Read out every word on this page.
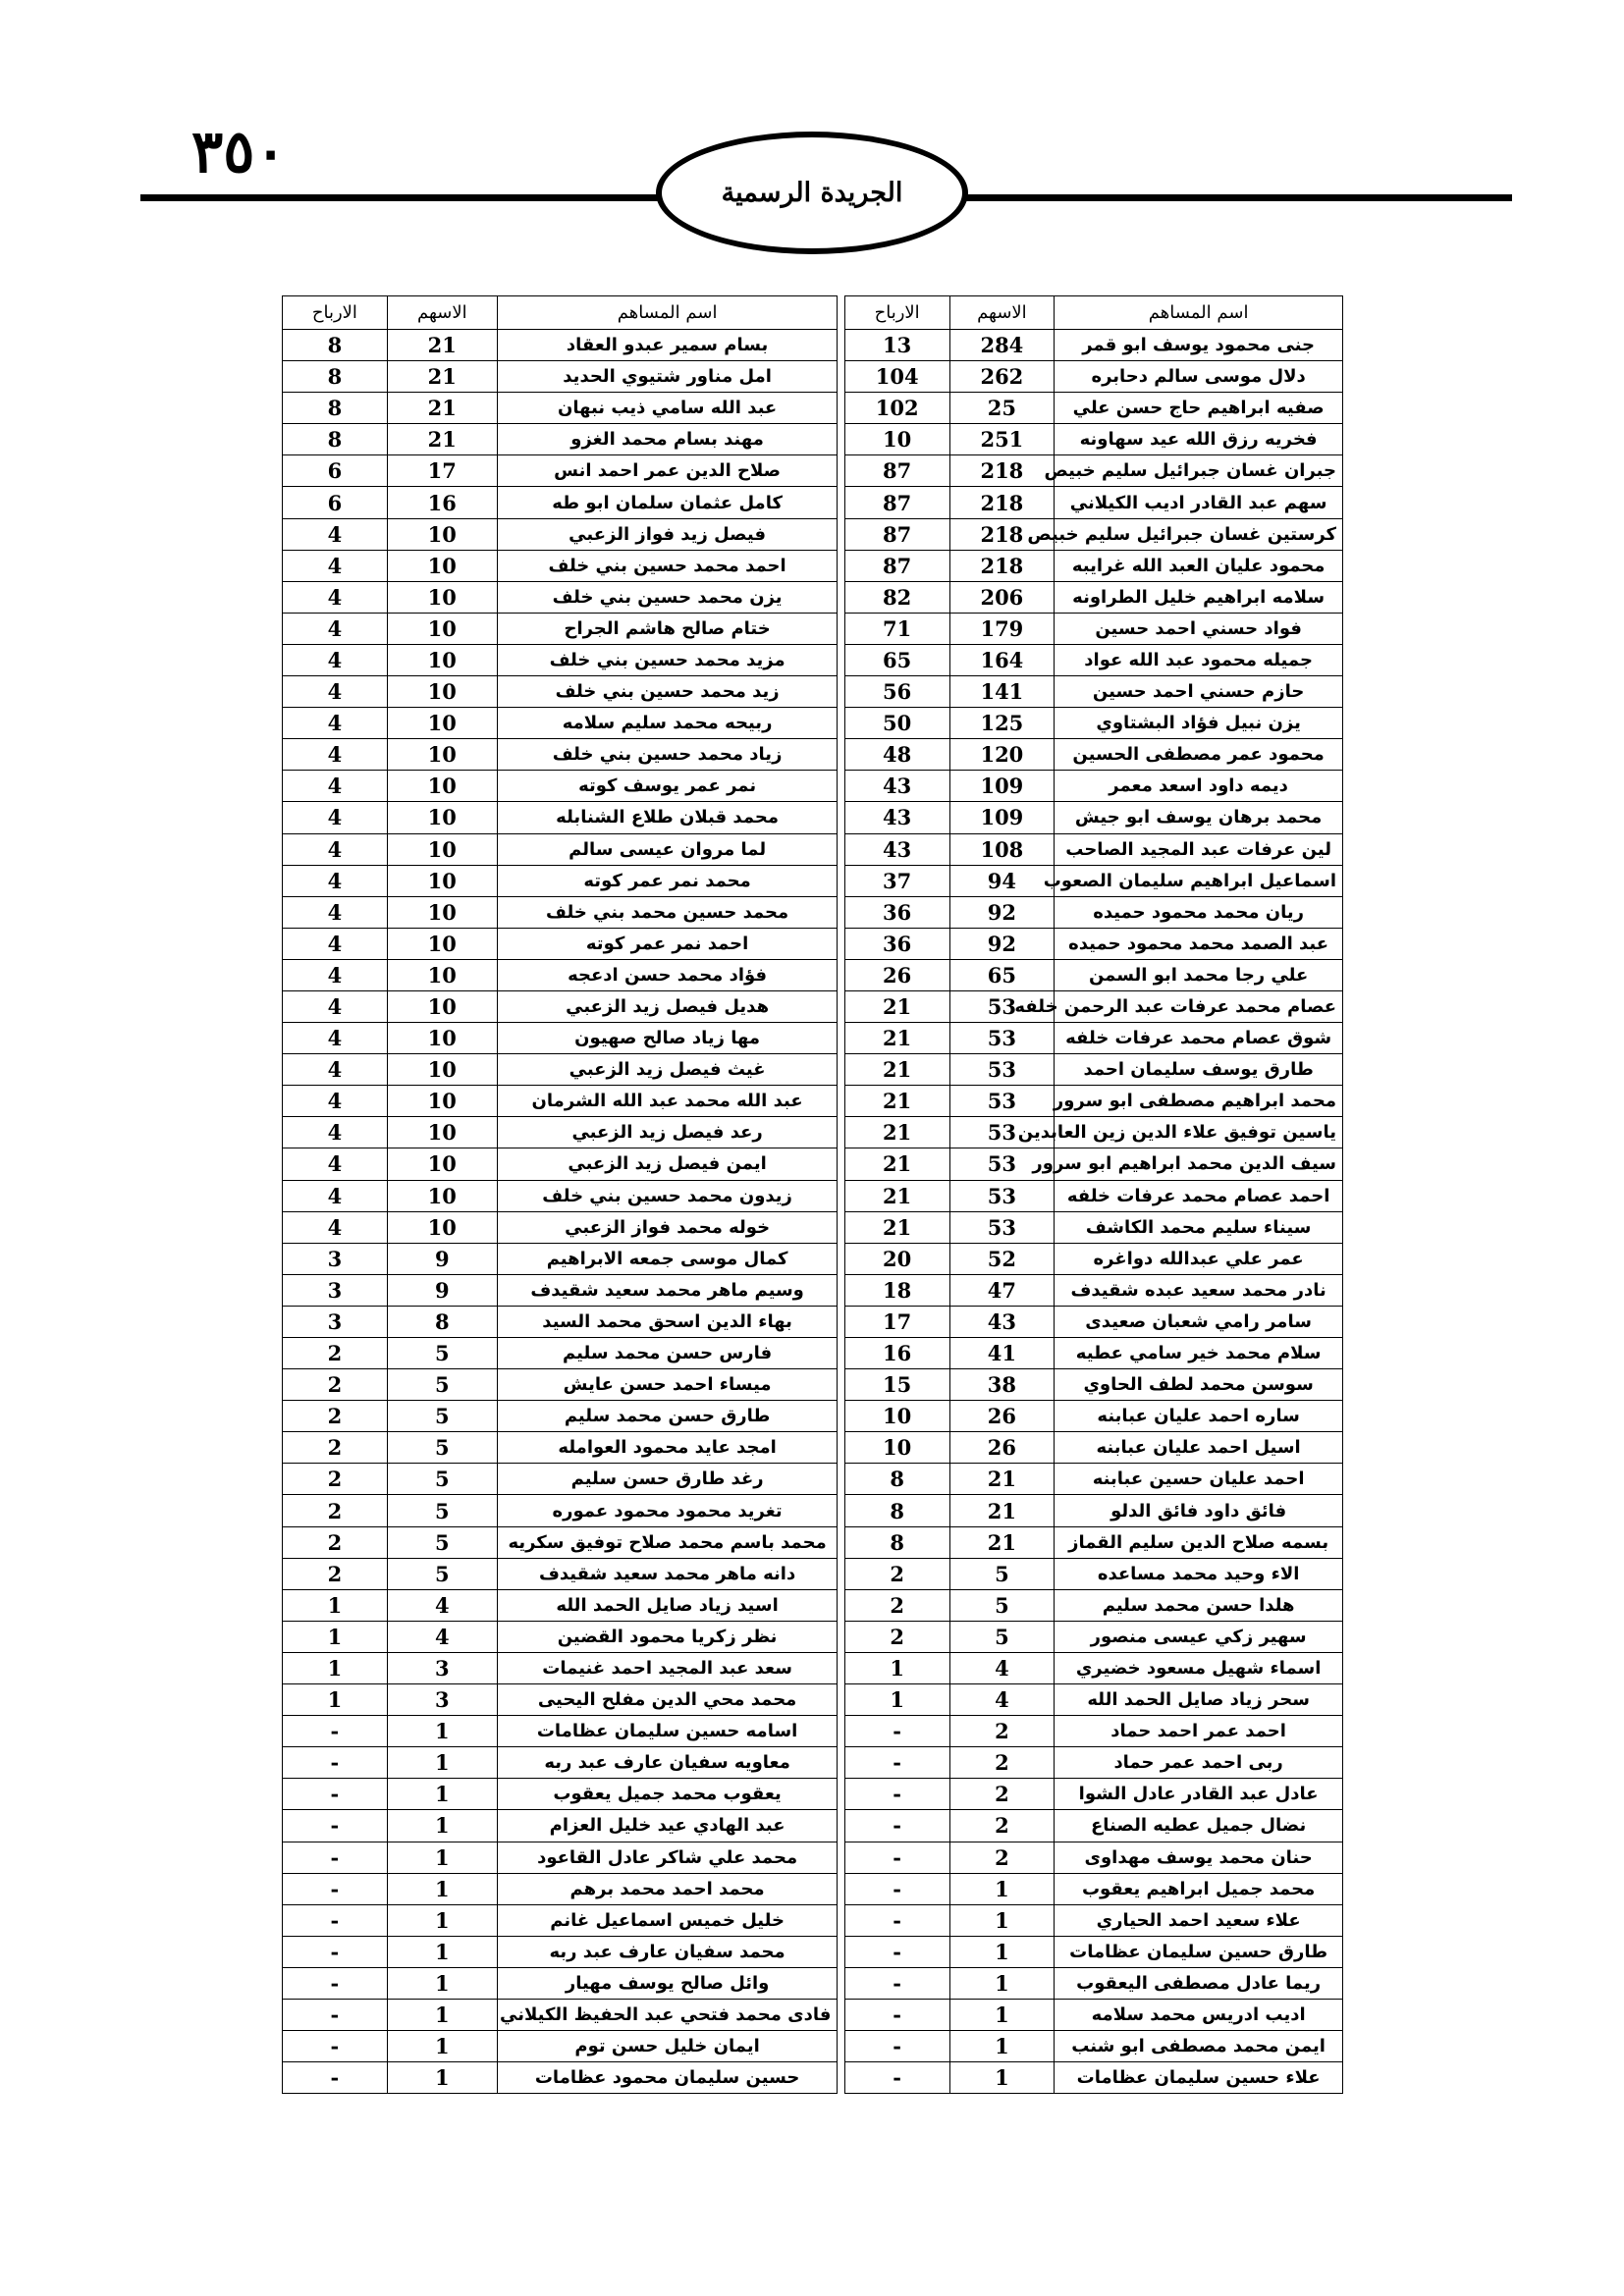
٣٥٠
الجريدة الرسمية
اسم المساهم	الاسهم	الارباح		اسم المساهم	الاسهم	الارباح
جنى محمود يوسف ابو قمر	284	13		بسام سمير عبدو العقاد	21	8
دلال موسى سالم دحابره	262	104		امل مناور شتيوي الحديد	21	8
صفيه ابراهيم حاج حسن علي	25	102		عبد الله سامي ذيب نبهان	21	8
فخريه رزق الله عيد سهاونه	251	10		مهند بسام محمد الغزو	21	8
جبران غسان جبرائيل سليم خبيص	218	87		صلاح الدين عمر احمد انس	17	6
سهم عبد القادر اديب الكيلاني	218	87		كامل عثمان سلمان ابو طه	16	6
كرستين غسان جبرائيل سليم خبيص	218	87		فيصل زيد فواز الزعبي	10	4
محمود عليان العبد الله غرايبه	218	87		احمد محمد حسين بني خلف	10	4
سلامه ابراهيم خليل الطراونه	206	82		يزن محمد حسين بني خلف	10	4
فواد حسني احمد حسين	179	71		ختام صالح هاشم الجراح	10	4
جميله محمود عبد الله عواد	164	65		مزيد محمد حسين بني خلف	10	4
حازم حسني احمد حسين	141	56		زيد محمد حسين بني خلف	10	4
يزن نبيل فؤاد البشتاوي	125	50		ربيحه محمد سليم سلامه	10	4
محمود عمر مصطفى الحسين	120	48		زياد محمد حسين بني خلف	10	4
ديمه داود اسعد معمر	109	43		نمر عمر يوسف كوته	10	4
محمد برهان يوسف ابو جيش	109	43		محمد قبلان طلاع الشنابله	10	4
لين عرفات عبد المجيد الصاحب	108	43		لما مروان عيسى سالم	10	4
اسماعيل ابراهيم سليمان الصعوب	94	37		محمد نمر عمر كوته	10	4
ريان محمد محمود حميده	92	36		محمد حسين محمد بني خلف	10	4
عبد الصمد محمد محمود حميده	92	36		احمد نمر عمر كوته	10	4
علي رجا محمد ابو السمن	65	26		فؤاد محمد حسن ادعجه	10	4
عصام محمد عرفات عبد الرحمن خلفه	53	21		هديل فيصل زيد الزعبي	10	4
شوق عصام محمد عرفات خلفه	53	21		مها زياد صالح صهيون	10	4
طارق يوسف سليمان احمد	53	21		غيث فيصل زيد الزعبي	10	4
محمد ابراهيم مصطفى ابو سرور	53	21		عبد الله محمد عبد الله الشرمان	10	4
ياسين توفيق علاء الدين زين العابدين	53	21		رعد فيصل زيد الزعبي	10	4
سيف الدين محمد ابراهيم ابو سرور	53	21		ايمن فيصل زيد الزعبي	10	4
احمد عصام محمد عرفات خلفه	53	21		زيدون محمد حسين بني خلف	10	4
سيناء سليم محمد الكاشف	53	21		خوله محمد فواز الزعبي	10	4
عمر علي عبدالله دواغره	52	20		كمال موسى جمعه الابراهيم	9	3
نادر محمد سعيد عبده شقيدف	47	18		وسيم ماهر محمد سعيد شقيدف	9	3
سامر رامي شعبان صعيدى	43	17		بهاء الدين اسحق محمد السيد	8	3
سلام محمد خير سامي عطيه	41	16		فارس حسن محمد سليم	5	2
سوسن محمد لطف الحاوي	38	15		ميساء احمد حسن عايش	5	2
ساره احمد عليان عبابنه	26	10		طارق حسن محمد سليم	5	2
اسيل احمد عليان عبابنه	26	10		امجد عايد محمود العوامله	5	2
احمد عليان حسين عبابنه	21	8		رغد طارق حسن سليم	5	2
فائق داود فائق الدلو	21	8		تغريد محمود محمود عموره	5	2
بسمه صلاح الدين سليم القماز	21	8		محمد باسم محمد صلاح توفيق سكريه	5	2
الاء وحيد محمد مساعده	5	2		دانه ماهر محمد سعيد شقيدف	5	2
هلدا حسن محمد سليم	5	2		اسيد زياد صايل الحمد الله	4	1
سهير زكي عيسى منصور	5	2		نظر زكريا محمود القضين	4	1
اسماء شهيل مسعود خضيري	4	1		سعد عبد المجيد احمد غنيمات	3	1
سحر زياد صايل الحمد الله	4	1		محمد محي الدين مفلح اليحيى	3	1
احمد عمر احمد حماد	2	-		اسامه حسين سليمان عظامات	1	-
ربى احمد عمر حماد	2	-		معاويه سفيان عارف عبد ربه	1	-
عادل عبد القادر عادل الشوا	2	-		يعقوب محمد جميل يعقوب	1	-
نضال جميل عطيه الصناع	2	-		عبد الهادي عيد خليل العزام	1	-
حنان محمد يوسف مهداوى	2	-		محمد علي شاكر عادل القاعود	1	-
محمد جميل ابراهيم يعقوب	1	-		محمد احمد محمد برهم	1	-
علاء سعيد احمد الحياري	1	-		خليل خميس اسماعيل غانم	1	-
طارق حسين سليمان عظامات	1	-		محمد سفيان عارف عبد ربه	1	-
ريما عادل مصطفى اليعقوب	1	-		وائل صالح يوسف مهيار	1	-
اديب ادريس محمد سلامه	1	-		فادى محمد فتحي عبد الحفيظ الكيلاني	1	-
ايمن محمد مصطفى ابو شنب	1	-		ايمان خليل حسن توم	1	-
علاء حسين سليمان عظامات	1	-		حسين سليمان محمود عظامات	1	-
